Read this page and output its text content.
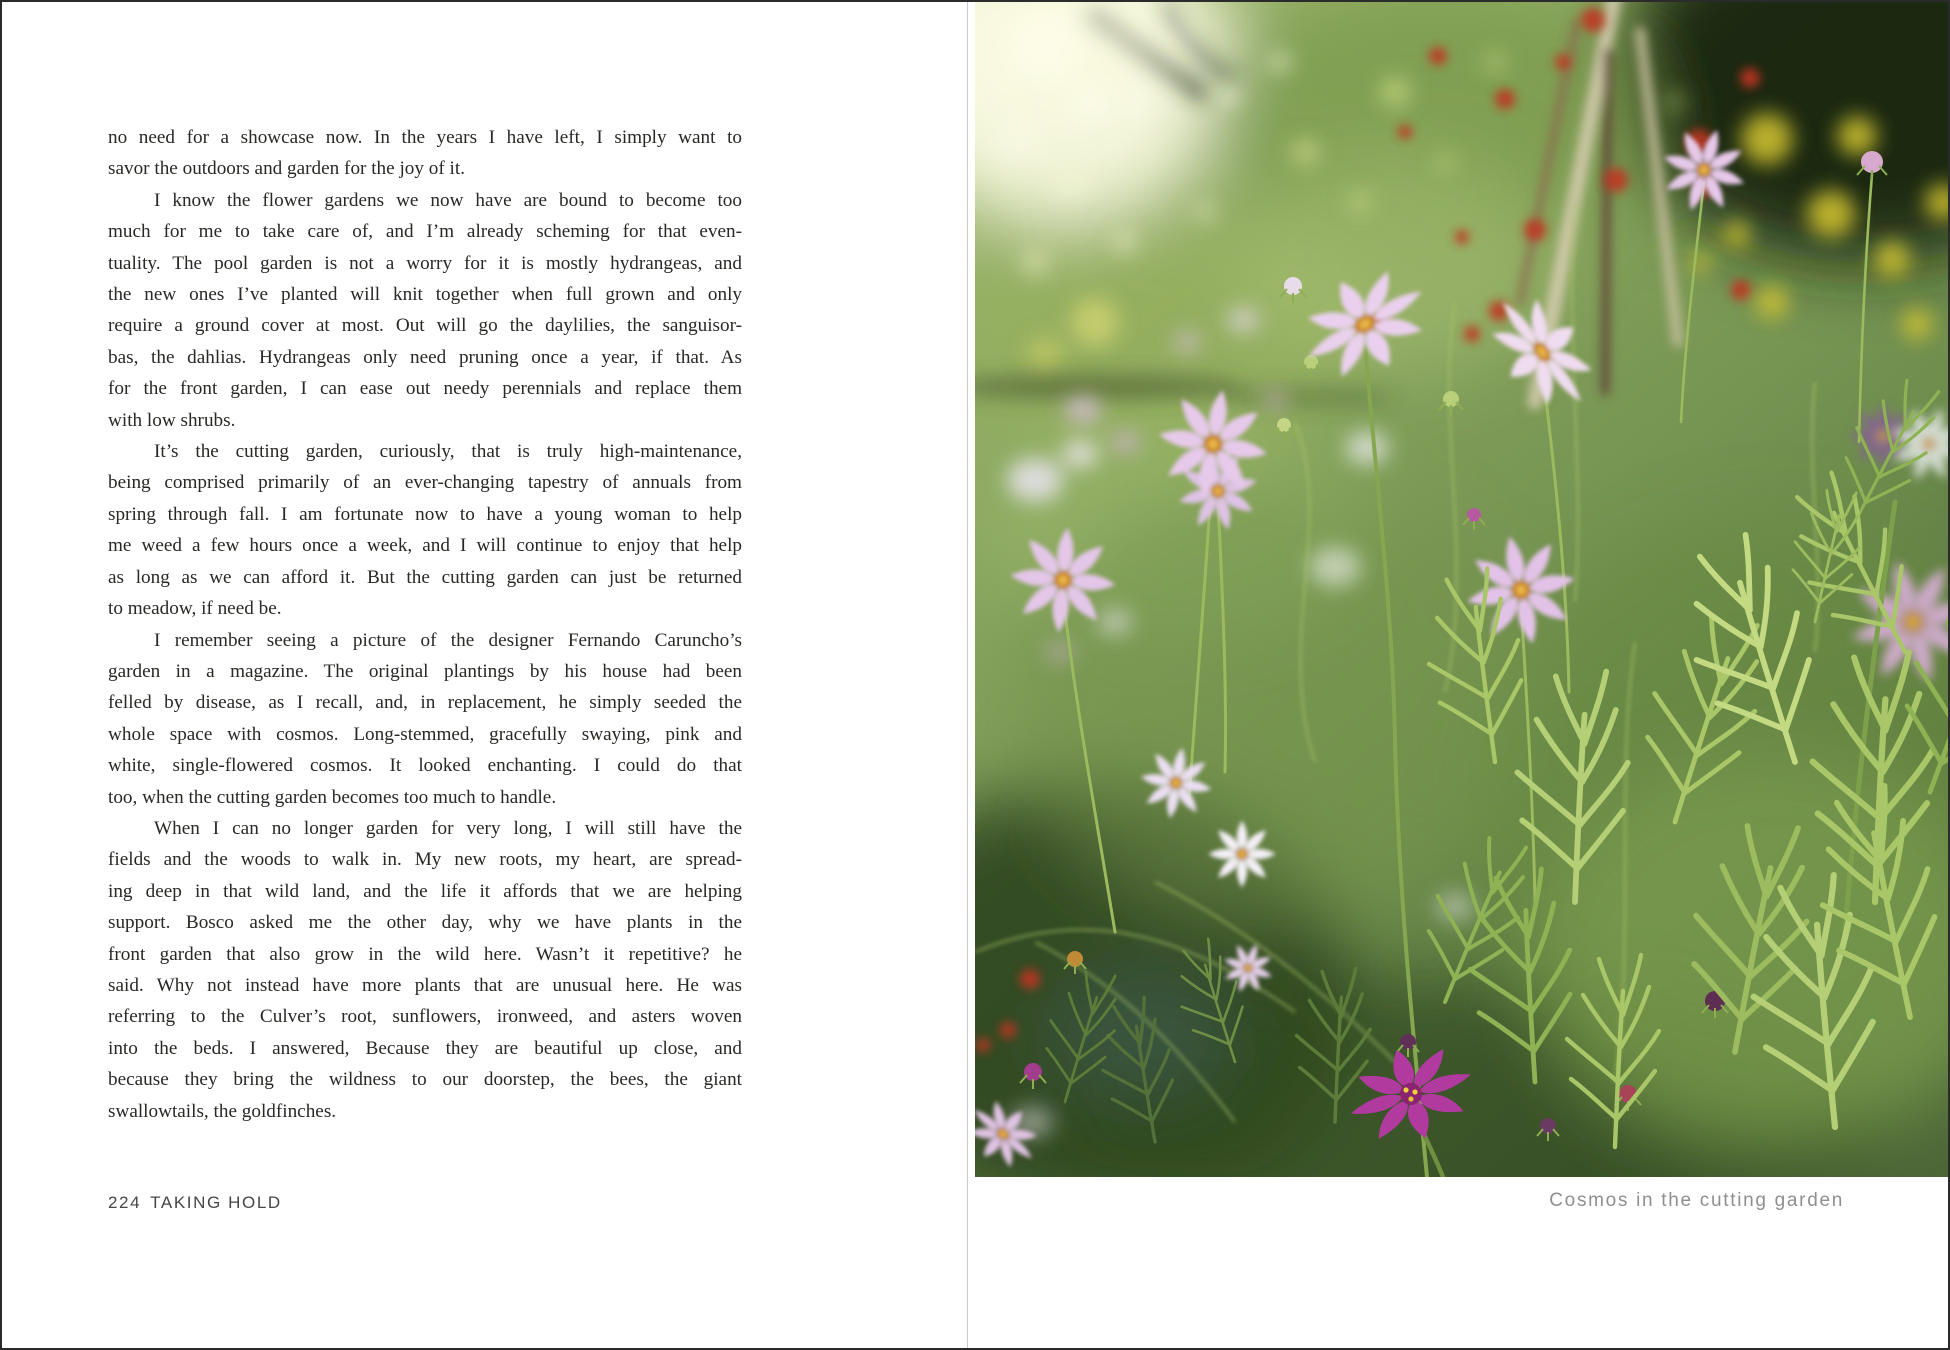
no need for a showcase now. In the years I have left, I simply want to
savor the outdoors and garden for the joy of it.
I know the flower gardens we now have are bound to become too
much for me to take care of, and I’m already scheming for that even-
tuality. The pool garden is not a worry for it is mostly hydrangeas, and
the new ones I’ve planted will knit together when full grown and only
require a ground cover at most. Out will go the daylilies, the sanguisor-
bas, the dahlias. Hydrangeas only need pruning once a year, if that. As
for the front garden, I can ease out needy perennials and replace them
with low shrubs.
It’s the cutting garden, curiously, that is truly high-maintenance,
being comprised primarily of an ever-changing tapestry of annuals from
spring through fall. I am fortunate now to have a young woman to help
me weed a few hours once a week, and I will continue to enjoy that help
as long as we can afford it. But the cutting garden can just be returned
to meadow, if need be.
I remember seeing a picture of the designer Fernando Caruncho’s
garden in a magazine. The original plantings by his house had been
felled by disease, as I recall, and, in replacement, he simply seeded the
whole space with cosmos. Long-stemmed, gracefully swaying, pink and
white, single-flowered cosmos. It looked enchanting. I could do that
too, when the cutting garden becomes too much to handle.
When I can no longer garden for very long, I will still have the
fields and the woods to walk in. My new roots, my heart, are spread-
ing deep in that wild land, and the life it affords that we are helping
support. Bosco asked me the other day, why we have plants in the
front garden that also grow in the wild here. Wasn’t it repetitive? he
said. Why not instead have more plants that are unusual here. He was
referring to the Culver’s root, sunflowers, ironweed, and asters woven
into the beds. I answered, Because they are beautiful up close, and
because they bring the wildness to our doorstep, the bees, the giant
swallowtails, the goldfinches.
224 TAKING HOLD	Cosmos in the cutting garden
